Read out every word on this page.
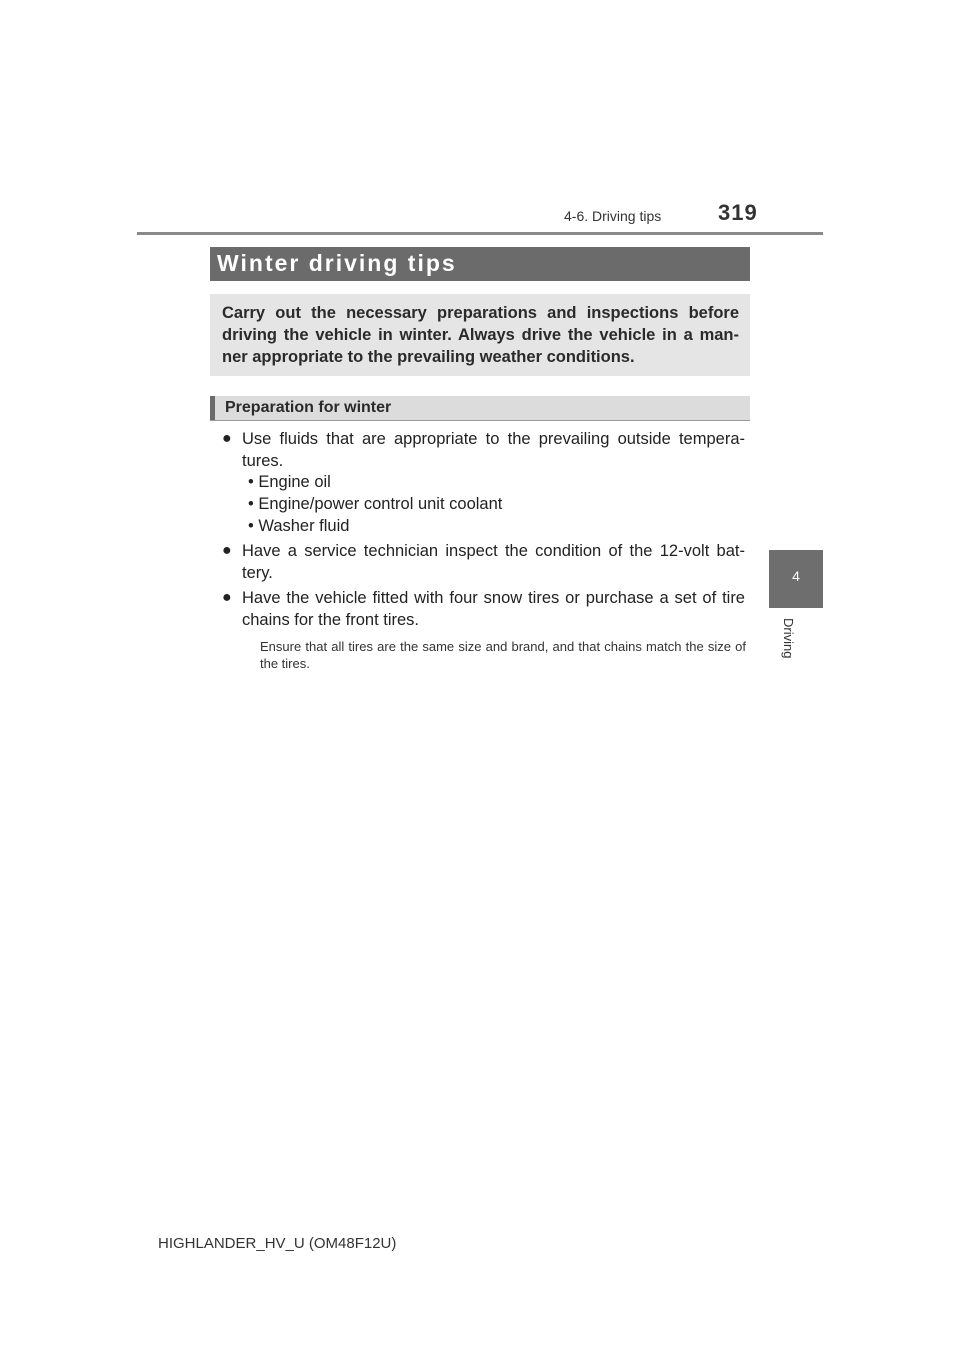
4-6. Driving tips	319
4
Driving
Winter driving tips

Carry out the necessary preparations and inspections before driving the vehicle in winter. Always drive the vehicle in a man-ner appropriate to the prevailing weather conditions.

Preparation for winter
● Use fluids that are appropriate to the prevailing outside tempera-tures.

• Engine oil

• Engine/power control unit coolant

• Washer fluid

● Have a service technician inspect the condition of the 12-volt bat-tery.

● Have the vehicle fitted with four snow tires or purchase a set of tire chains for the front tires.

Ensure that all tires are the same size and brand, and that chains match the size of the tires.

HIGHLANDER_HV_U (OM48F12U)
